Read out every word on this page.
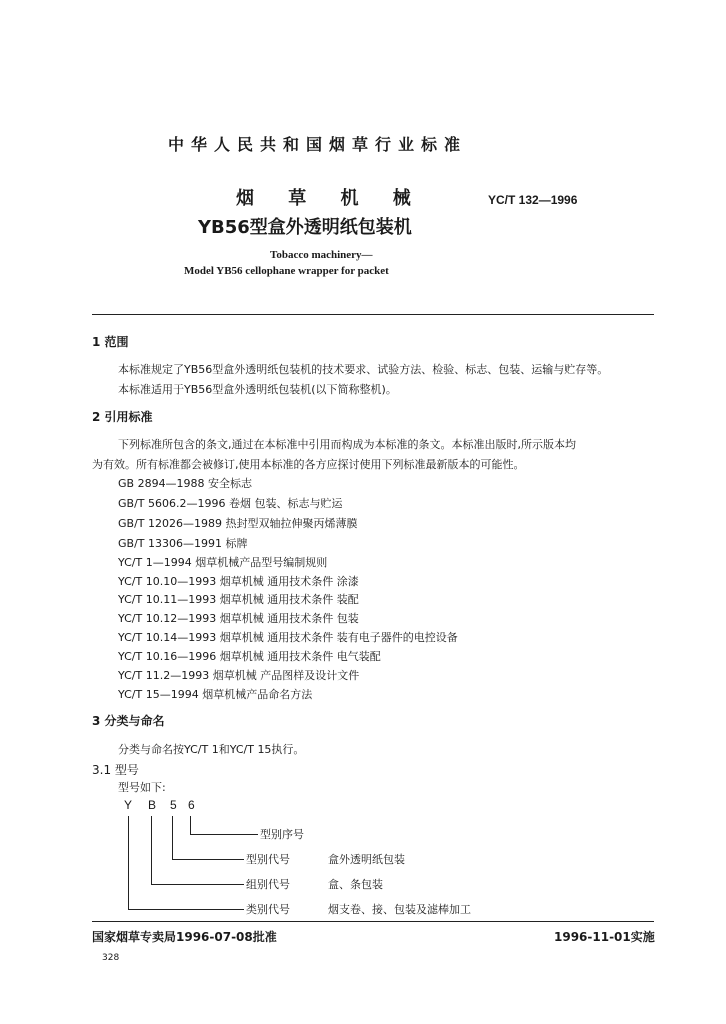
中华人民共和国烟草行业标准
烟 草 机 械
YB56型盒外透明纸包装机
YC/T 132—1996
Tobacco machinery—
Model YB56 cellophane wrapper for packet
1 范围
本标准规定了YB56型盒外透明纸包装机的技术要求、试验方法、检验、标志、包装、运输与贮存等。
本标准适用于YB56型盒外透明纸包装机(以下简称整机)。
2 引用标准
下列标准所包含的条文,通过在本标准中引用而构成为本标准的条文。本标准出版时,所示版本均
为有效。所有标准都会被修订,使用本标准的各方应探讨使用下列标准最新版本的可能性。
GB 2894—1988 安全标志
GB/T 5606.2—1996 卷烟 包装、标志与贮运
GB/T 12026—1989 热封型双轴拉伸聚丙烯薄膜
GB/T 13306—1991 标牌
YC/T 1—1994 烟草机械产品型号编制规则
YC/T 10.10—1993 烟草机械 通用技术条件 涂漆
YC/T 10.11—1993 烟草机械 通用技术条件 装配
YC/T 10.12—1993 烟草机械 通用技术条件 包装
YC/T 10.14—1993 烟草机械 通用技术条件 装有电子器件的电控设备
YC/T 10.16—1996 烟草机械 通用技术条件 电气装配
YC/T 11.2—1993 烟草机械 产品图样及设计文件
YC/T 15—1994 烟草机械产品命名方法
3 分类与命名
分类与命名按YC/T 1和YC/T 15执行。
3.1 型号
型号如下:
Y B 5 6
型别序号
型别代号	盒外透明纸包装
组别代号	盒、条包装
类别代号	烟支卷、接、包装及滤棒加工
国家烟草专卖局1996-07-08批准	1996-11-01实施
328
